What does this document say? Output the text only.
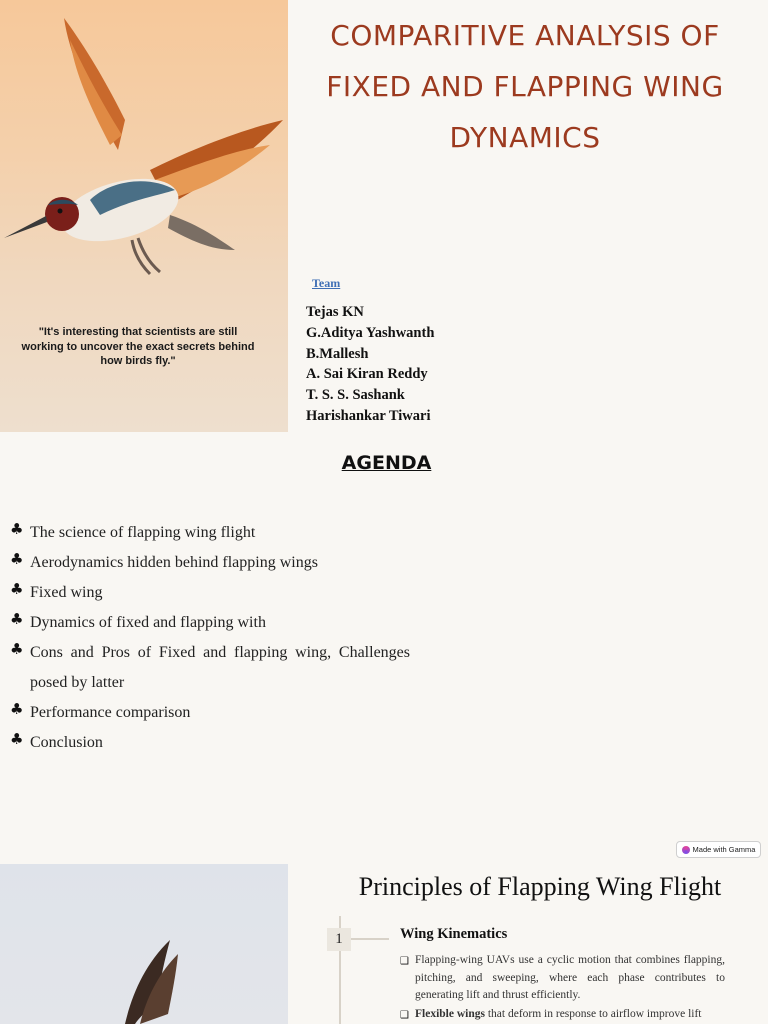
"It's interesting that scientists are still working to uncover the exact secrets behind how birds fly."
COMPARITIVE ANALYSIS OF FIXED AND FLAPPING WING DYNAMICS
Team
Tejas KN
G.Aditya Yashwanth
B.Mallesh
A. Sai Kiran Reddy
T. S. S. Sashank
Harishankar Tiwari
AGENDA
♣ The science of flapping wing flight
♣ Aerodynamics hidden behind flapping wings
♣ Fixed wing
♣ Dynamics of fixed and flapping with
♣ Cons and Pros of Fixed and flapping wing, Challenges posed by latter
♣ Performance comparison
♣ Conclusion
Made with Gamma
Principles of Flapping Wing Flight
1	Wing Kinematics
❑ Flapping-wing UAVs use a cyclic motion that combines flapping, pitching, and sweeping, where each phase contributes to generating lift and thrust efficiently.
❑ Flexible wings that deform in response to airflow improve lift
